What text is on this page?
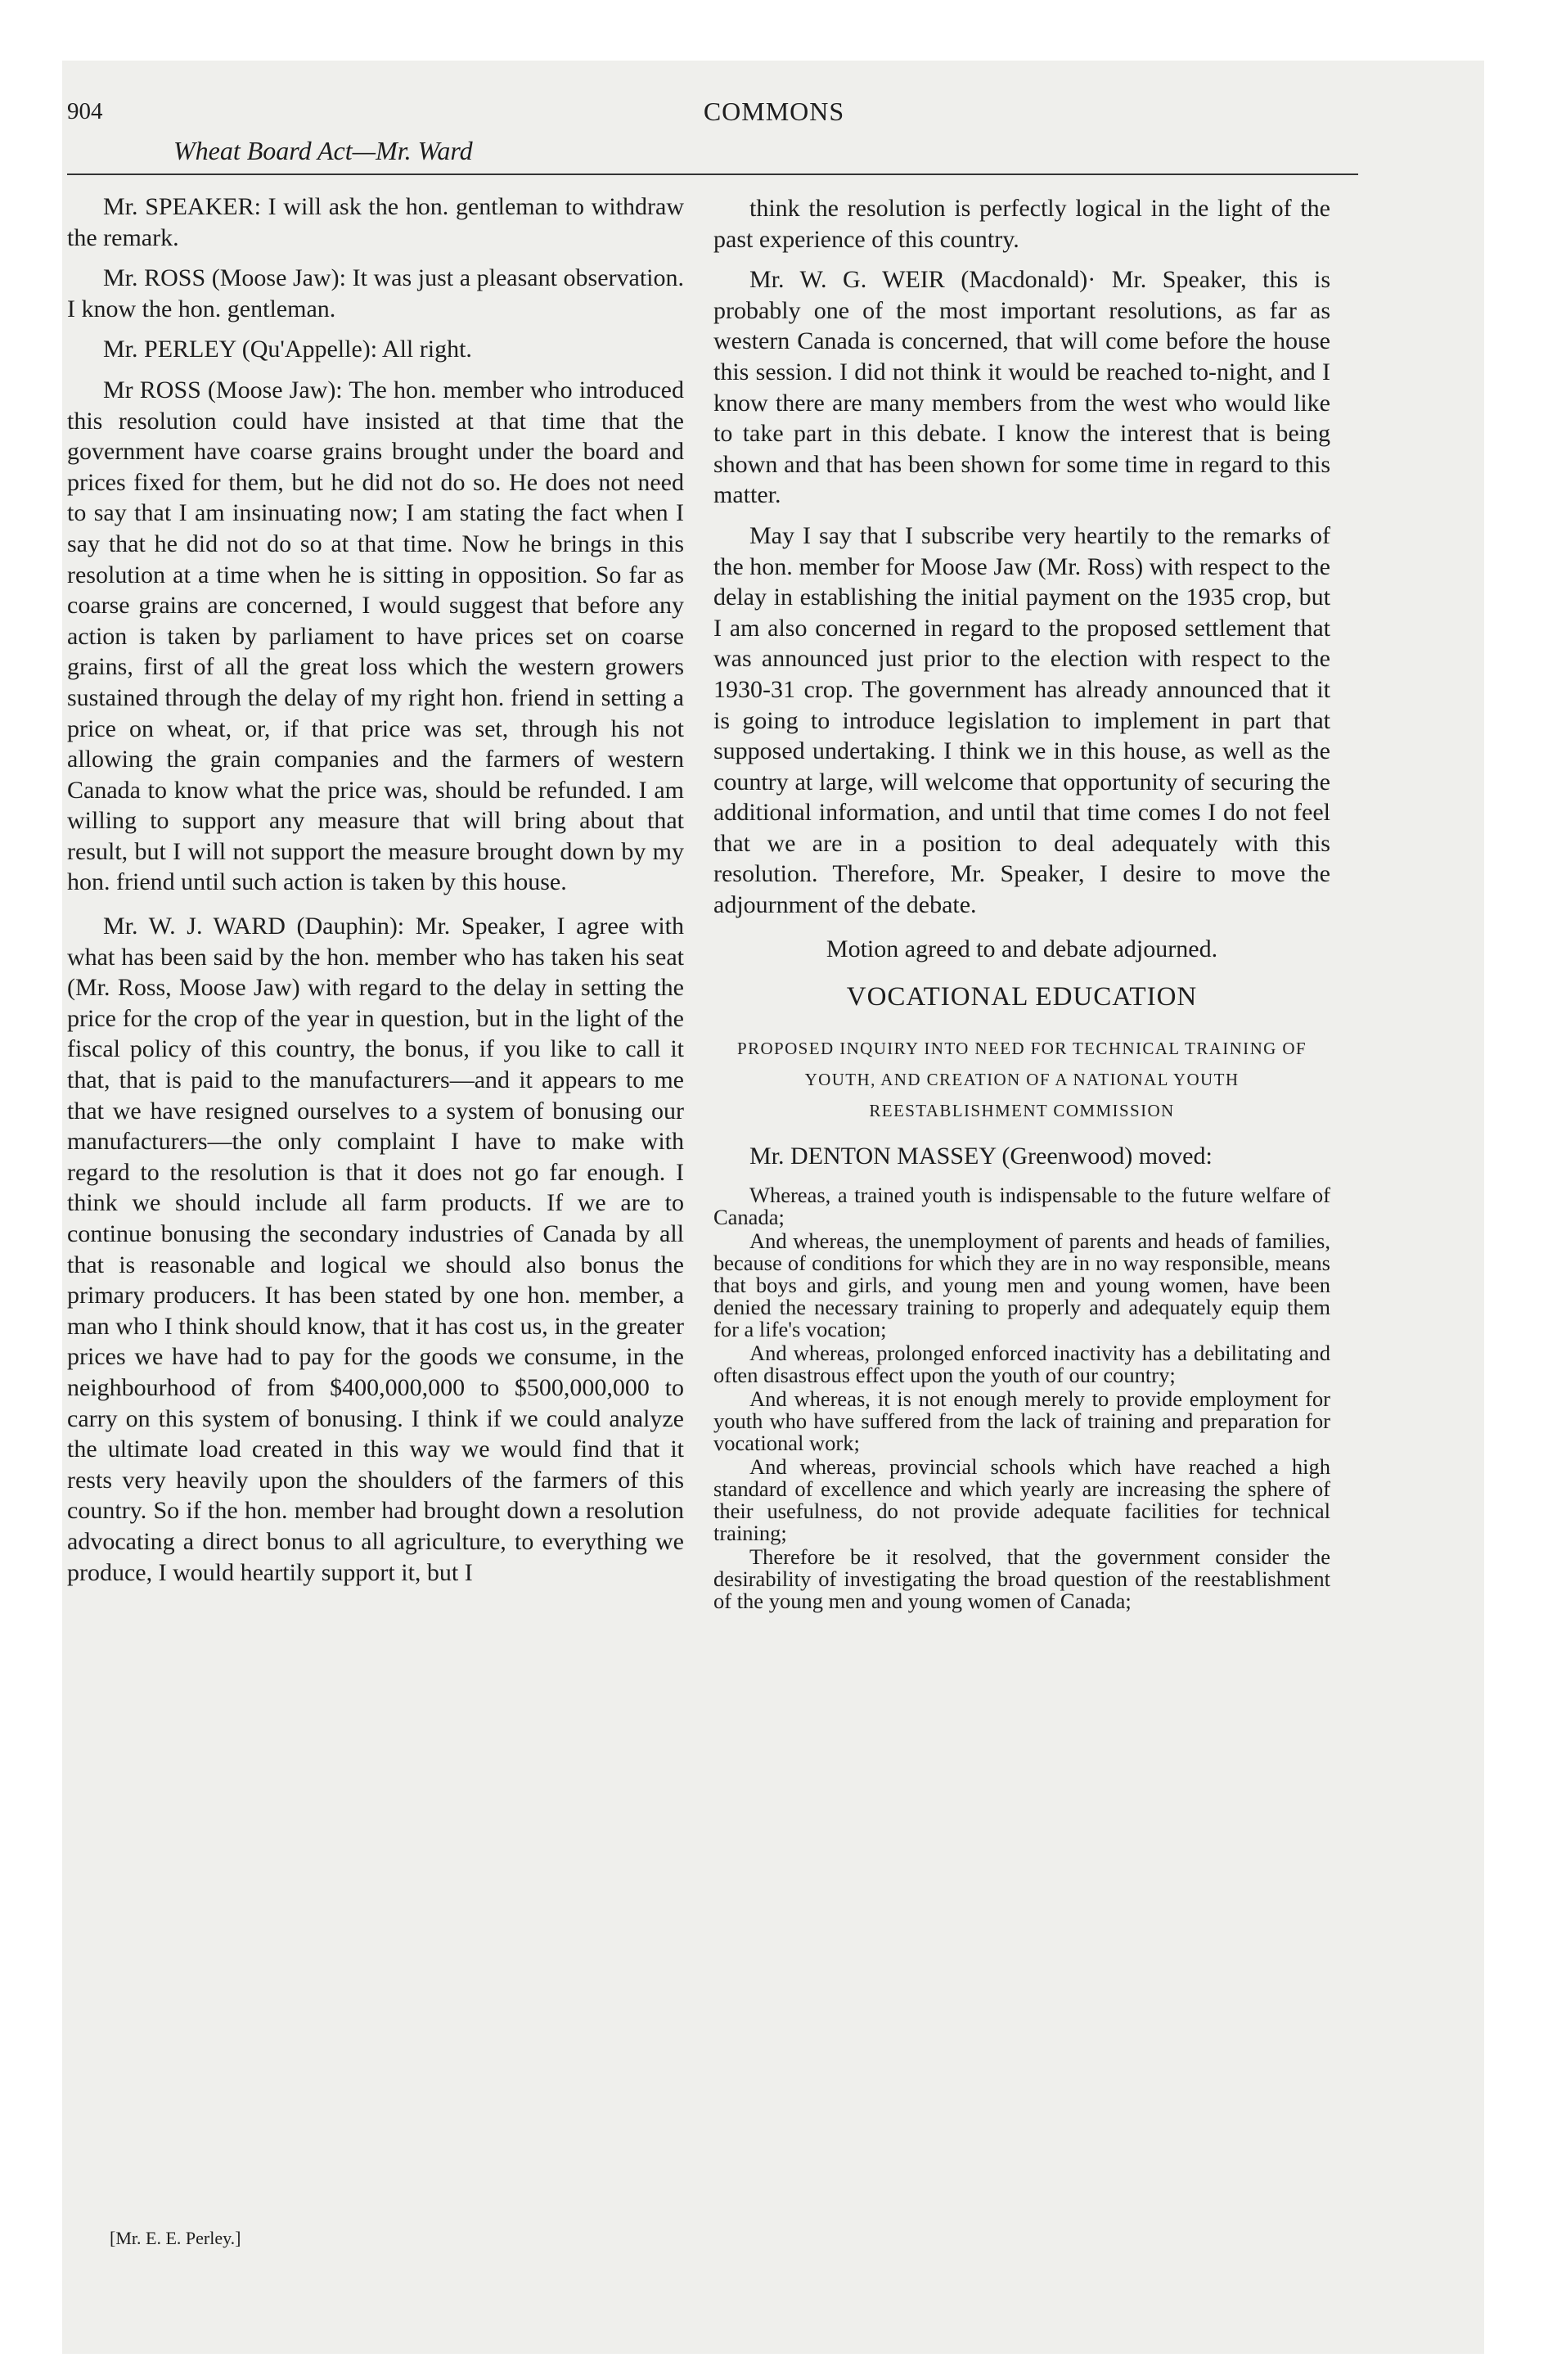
904	COMMONS
Wheat Board Act—Mr. Ward

Mr. SPEAKER: I will ask the hon. gentleman to withdraw the remark.

Mr. ROSS (Moose Jaw): It was just a pleasant observation. I know the hon. gentleman.

Mr. PERLEY (Qu'Appelle): All right.

Mr ROSS (Moose Jaw): The hon. member who introduced this resolution could have insisted at that time that the government have coarse grains brought under the board and prices fixed for them, but he did not do so. He does not need to say that I am insinuating now; I am stating the fact when I say that he did not do so at that time. Now he brings in this resolution at a time when he is sitting in opposition. So far as coarse grains are concerned, I would suggest that before any action is taken by parliament to have prices set on coarse grains, first of all the great loss which the western growers sustained through the delay of my right hon. friend in setting a price on wheat, or, if that price was set, through his not allowing the grain companies and the farmers of western Canada to know what the price was, should be refunded. I am willing to support any measure that will bring about that result, but I will not support the measure brought down by my hon. friend until such action is taken by this house.

Mr. W. J. WARD (Dauphin): Mr. Speaker, I agree with what has been said by the hon. member who has taken his seat (Mr. Ross, Moose Jaw) with regard to the delay in setting the price for the crop of the year in question, but in the light of the fiscal policy of this country, the bonus, if you like to call it that, that is paid to the manufacturers—and it appears to me that we have resigned ourselves to a system of bonusing our manufacturers—the only complaint I have to make with regard to the resolution is that it does not go far enough. I think we should include all farm products. If we are to continue bonusing the secondary industries of Canada by all that is reasonable and logical we should also bonus the primary producers. It has been stated by one hon. member, a man who I think should know, that it has cost us, in the greater prices we have had to pay for the goods we consume, in the neighbourhood of from $400,000,000 to $500,000,000 to carry on this system of bonusing. I think if we could analyze the ultimate load created in this way we would find that it rests very heavily upon the shoulders of the farmers of this country. So if the hon. member had brought down a resolution advocating a direct bonus to all agriculture, to everything we produce, I would heartily support it, but I

think the resolution is perfectly logical in the light of the past experience of this country.

Mr. W. G. WEIR (Macdonald)· Mr. Speaker, this is probably one of the most important resolutions, as far as western Canada is concerned, that will come before the house this session. I did not think it would be reached to-night, and I know there are many members from the west who would like to take part in this debate. I know the interest that is being shown and that has been shown for some time in regard to this matter.

May I say that I subscribe very heartily to the remarks of the hon. member for Moose Jaw (Mr. Ross) with respect to the delay in establishing the initial payment on the 1935 crop, but I am also concerned in regard to the proposed settlement that was announced just prior to the election with respect to the 1930-31 crop. The government has already announced that it is going to introduce legislation to implement in part that supposed undertaking. I think we in this house, as well as the country at large, will welcome that opportunity of securing the additional information, and until that time comes I do not feel that we are in a position to deal adequately with this resolution. Therefore, Mr. Speaker, I desire to move the adjournment of the debate.

Motion agreed to and debate adjourned.

VOCATIONAL EDUCATION
PROPOSED INQUIRY INTO NEED FOR TECHNICAL TRAINING OF YOUTH, AND CREATION OF A NATIONAL YOUTH REESTABLISHMENT COMMISSION

Mr. DENTON MASSEY (Greenwood) moved:

Whereas, a trained youth is indispensable to the future welfare of Canada;

And whereas, the unemployment of parents and heads of families, because of conditions for which they are in no way responsible, means that boys and girls, and young men and young women, have been denied the necessary training to properly and adequately equip them for a life's vocation;

And whereas, prolonged enforced inactivity has a debilitating and often disastrous effect upon the youth of our country;

And whereas, it is not enough merely to provide employment for youth who have suffered from the lack of training and preparation for vocational work;

And whereas, provincial schools which have reached a high standard of excellence and which yearly are increasing the sphere of their usefulness, do not provide adequate facilities for technical training;

Therefore be it resolved, that the government consider the desirability of investigating the broad question of the reestablishment of the young men and young women of Canada;

[Mr. E. E. Perley.]
